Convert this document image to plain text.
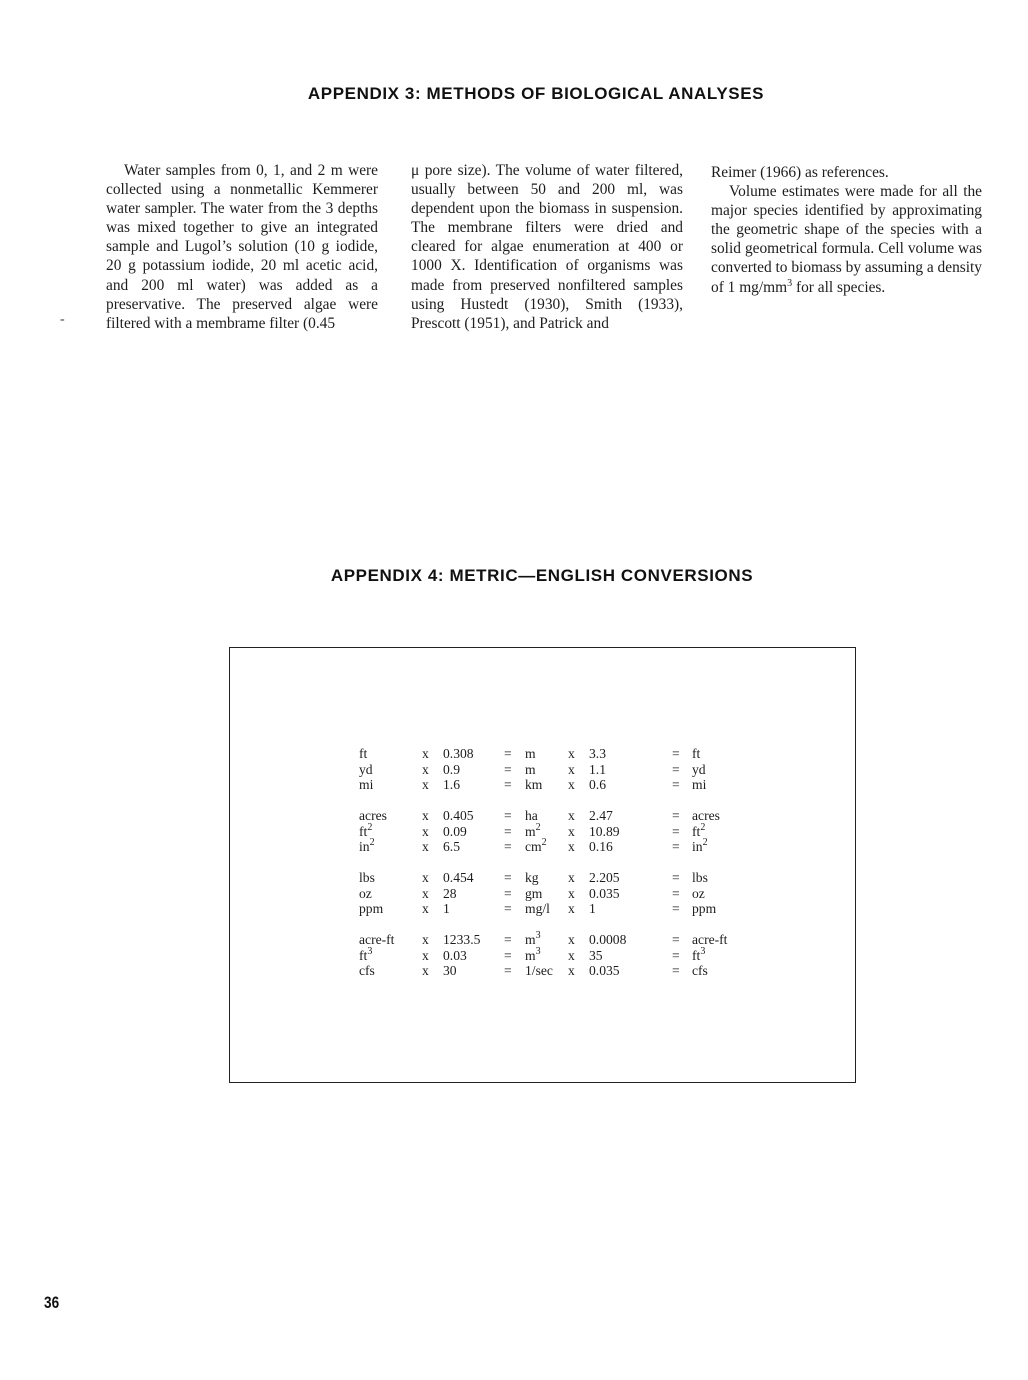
APPENDIX 3: METHODS OF BIOLOGICAL ANALYSES

Water samples from 0, 1, and 2 m were collected using a nonmetallic Kemmerer water sampler. The water from the 3 depths was mixed together to give an integrated sample and Lugol’s solution (10 g iodide, 20 g potassium iodide, 20 ml acetic acid, and 200 ml water) was added as a preservative. The preserved algae were filtered with a membrame filter (0.45

μ pore size). The volume of water filtered, usually between 50 and 200 ml, was dependent upon the biomass in suspension. The membrane filters were dried and cleared for algae enumeration at 400 or 1000 X. Identification of organisms was made from preserved nonfiltered samples using Hustedt (1930), Smith (1933), Prescott (1951), and Patrick and

Reimer (1966) as references.

Volume estimates were made for all the major species identified by approximating the geometric shape of the species with a solid geometrical formula. Cell volume was converted to biomass by assuming a density of 1 $mg/mm^3$ for all species.

-
APPENDIX 4: METRIC—ENGLISH CONVERSIONS
ft	x 0.308 = m x 3.3	= ft
yd	x 0.9	= m x 1.1	= yd
mi	x 1.6	= km x 0.6	= mi
acres	x 0.405 = ha x 2.47	= acres
$ft^2$	x 0.09	= $m^2$ x 10.89	= $ft^2$
$in^2$	x 6.5	= $cm^2$ x 0.16	= $in^2$
lbs	x 0.454 = kg x 2.205	= lbs
oz	x 28	= gm x 0.035	= oz
ppm	x 1	= mg/l x 1	= ppm
acre-ft x $1233.5 = m^3$ x 0.0008	= acre-ft
$ft^3$	x 0.03	= $m^3$ x 35	= $ft^3$
cfs	x 30	= 1/sec x 0.035	= cfs
36
